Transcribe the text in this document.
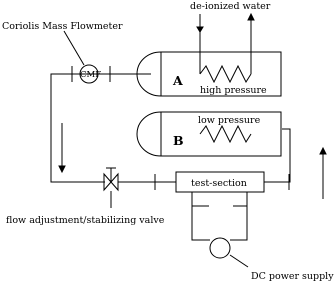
de-ionized water
Coriolis Mass Flowmeter
CMF	A
high pressure
B
low pressure
test-section
flow adjustment/stabilizing valve
DC power supply
